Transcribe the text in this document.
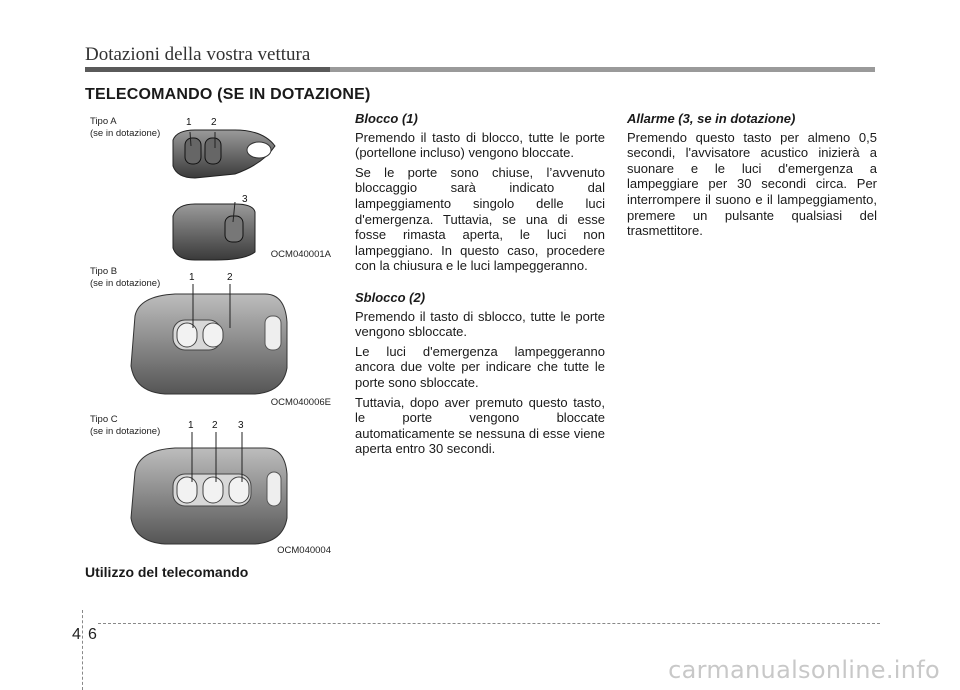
Dotazioni della vostra vettura
TELECOMANDO (SE IN DOTAZIONE)
1 2
3
Tipo A
(se in dotazione)
OCM040001A
1	2
Tipo B
(se in dotazione)
OCM040006E
1 2 3
Tipo C
(se in dotazione)
OCM040004
Utilizzo del telecomando
Blocco (1)

Premendo il tasto di blocco, tutte le porte (portellone incluso) vengono bloccate.

Se le porte sono chiuse, l’avvenuto bloccaggio sarà indicato dal lampeggiamento singolo delle luci d'emergenza. Tuttavia, se una di esse fosse rimasta aperta, le luci non lampeggiano. In questo caso, procedere con la chiusura e le luci lampeggeranno.

Sblocco (2)

Premendo il tasto di sblocco, tutte le porte vengono sbloccate.

Le luci d'emergenza lampeggeranno ancora due volte per indicare che tutte le porte sono sbloccate.

Tuttavia, dopo aver premuto questo tasto, le porte vengono bloccate automaticamente se nessuna di esse viene aperta entro 30 secondi.

Allarme (3, se in dotazione)

Premendo questo tasto per almeno 0,5 secondi, l'avvisatore acustico inizierà a suonare e le luci d'emergenza a lampeggiare per 30 secondi circa. Per interrompere il suono e il lampeggiamento, premere un pulsante qualsiasi del trasmettitore.

4 6
carmanualsonline.info
